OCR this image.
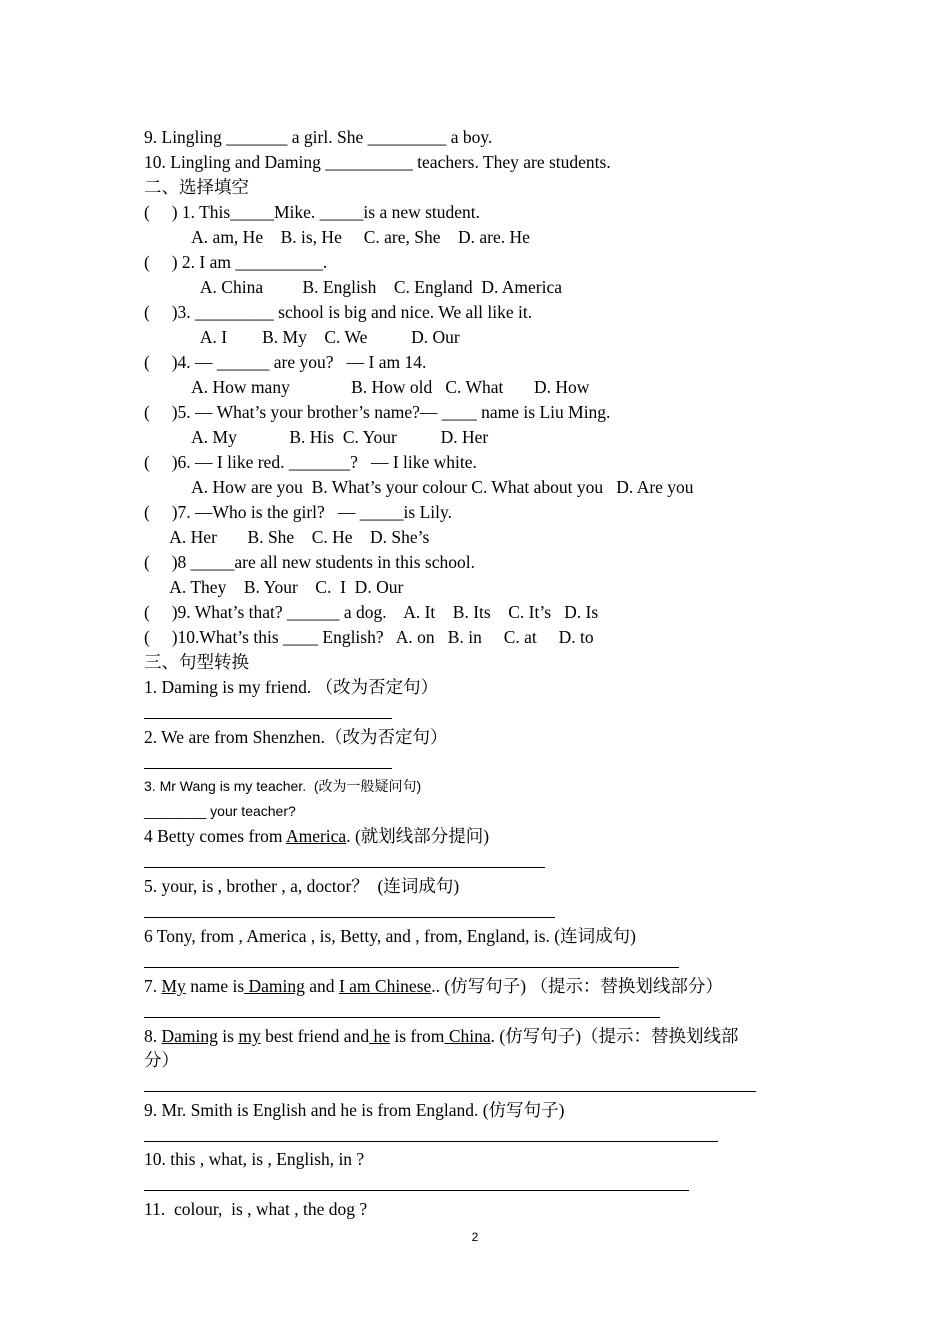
9. Lingling _______ a girl. She _________ a boy.
10. Lingling and Daming __________ teachers. They are students.
二、选择填空
(     ) 1. This_____Mike. _____is a new student.
A. am, He    B. is, He     C. are, She    D. are. He
(     ) 2. I am __________.
A. China         B. English    C. England  D. America
(     )3. _________ school is big and nice. We all like it.
A. I        B. My    C. We          D. Our
(     )4. — ______ are you?   — I am 14.
A. How many              B. How old   C. What       D. How
(     )5. — What’s your brother’s name?— ____ name is Liu Ming.
A. My            B. His  C. Your          D. Her
(     )6. — I like red. _______?   — I like white.
A. How are you  B. What’s your colour C. What about you   D. Are you
(     )7. —Who is the girl?   — _____is Lily.
A. Her       B. She    C. He    D. She’s
(     )8 _____are all new students in this school.
A. They    B. Your    C.  I  D. Our
(     )9. What’s that? ______ a dog.    A. It    B. Its    C. It’s   D. Is
(     )10.What’s this ____ English?   A. on   B. in     C. at     D. to
三、句型转换
1. Daming is my friend. （改为否定句）
2. We are from Shenzhen.（改为否定句）
3. Mr Wang is my teacher.  (改为一般疑问句)
________ your teacher?
4 Betty comes from America. (就划线部分提问)
5. your, is , brother , a, doctor？  (连词成句)
6 Tony, from , America , is, Betty, and , from, England, is. (连词成句)
7. My name is Daming and I am Chinese.. (仿写句子) （提示：替换划线部分）
8. Daming is my best friend and he is from China. (仿写句子)（提示：替换划线部
分）
9. Mr. Smith is English and he is from England. (仿写句子)
10. this , what, is , English, in ?
11.  colour,  is , what , the dog ?
2
